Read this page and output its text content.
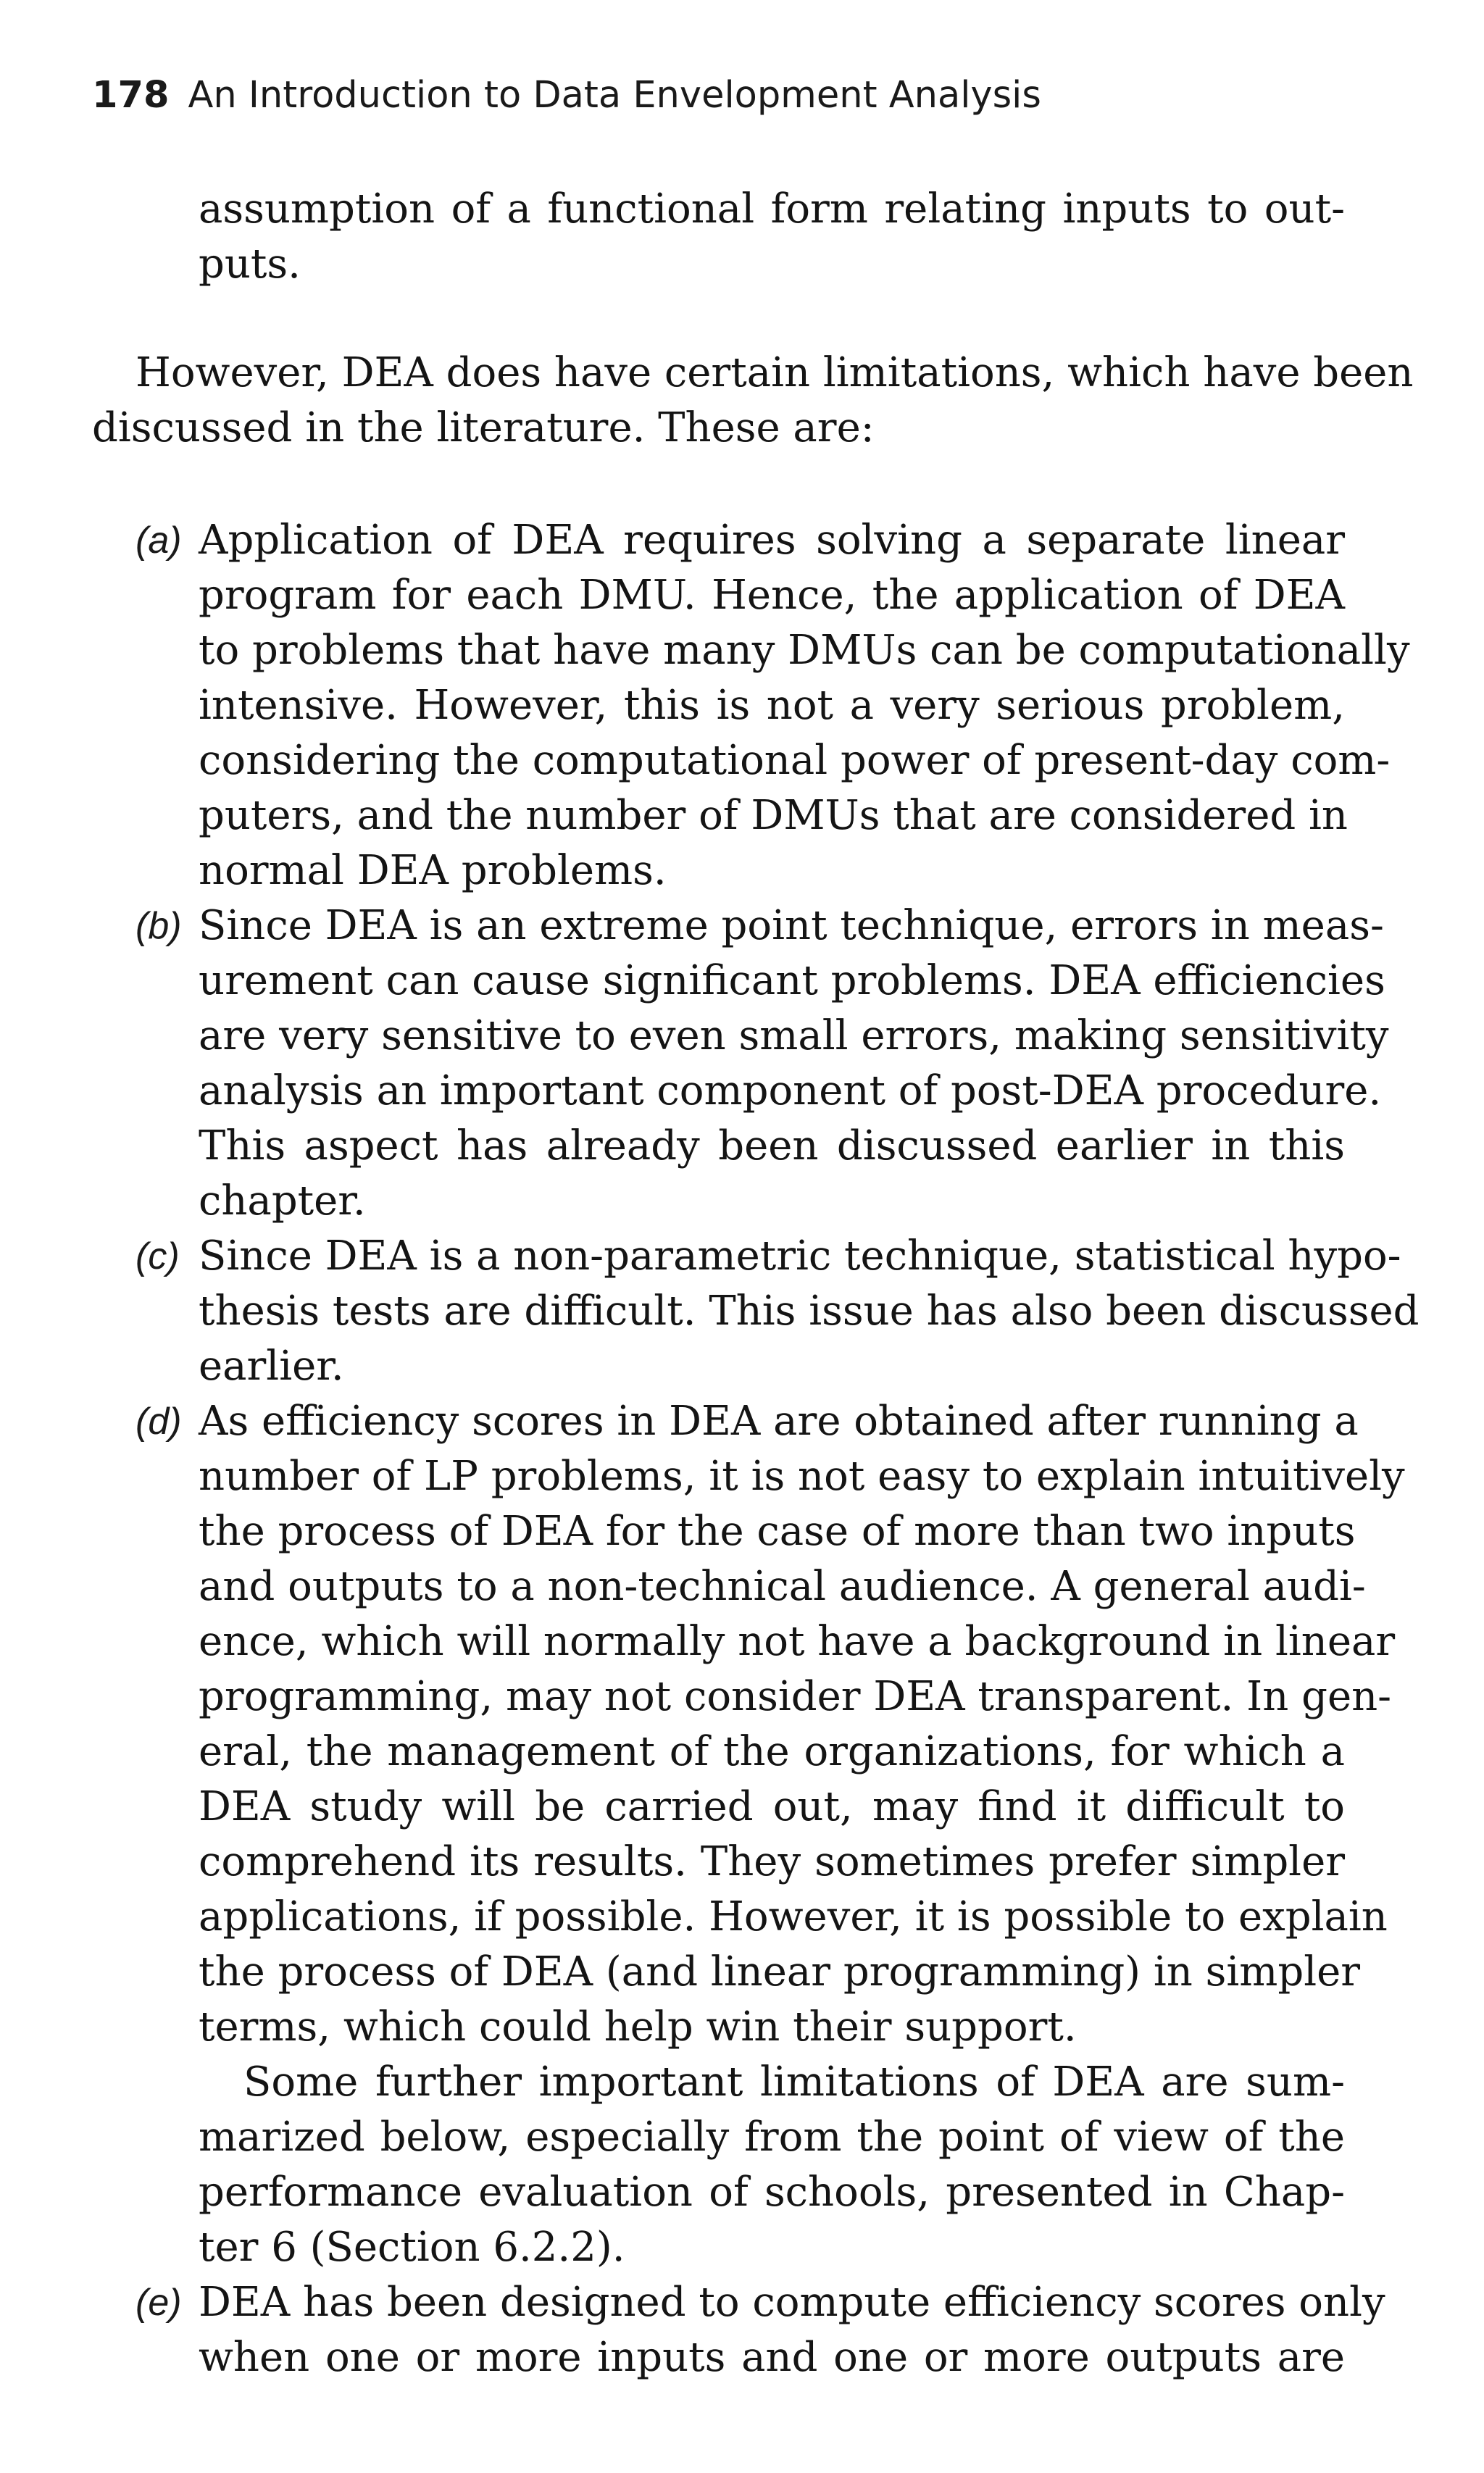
178 An Introduction to Data Envelopment Analysis
assumption of a functional form relating inputs to out-
puts.
However, DEA does have certain limitations, which have been
discussed in the literature. These are:
(a) Application of DEA requires solving a separate linear
program for each DMU. Hence, the application of DEA
to problems that have many DMUs can be computationally
intensive. However, this is not a very serious problem,
considering the computational power of present-day com-
puters, and the number of DMUs that are considered in
normal DEA problems.
(b) Since DEA is an extreme point technique, errors in meas-
urement can cause significant problems. DEA efficiencies
are very sensitive to even small errors, making sensitivity
analysis an important component of post-DEA procedure.
This aspect has already been discussed earlier in this
chapter.
(c) Since DEA is a non-parametric technique, statistical hypo-
thesis tests are difficult. This issue has also been discussed
earlier.
(d) As efficiency scores in DEA are obtained after running a
number of LP problems, it is not easy to explain intuitively
the process of DEA for the case of more than two inputs
and outputs to a non-technical audience. A general audi-
ence, which will normally not have a background in linear
programming, may not consider DEA transparent. In gen-
eral, the management of the organizations, for which a
DEA study will be carried out, may find it difficult to
comprehend its results. They sometimes prefer simpler
applications, if possible. However, it is possible to explain
the process of DEA (and linear programming) in simpler
terms, which could help win their support.
Some further important limitations of DEA are sum-
marized below, especially from the point of view of the
performance evaluation of schools, presented in Chap-
ter 6 (Section 6.2.2).
(e) DEA has been designed to compute efficiency scores only
when one or more inputs and one or more outputs are
